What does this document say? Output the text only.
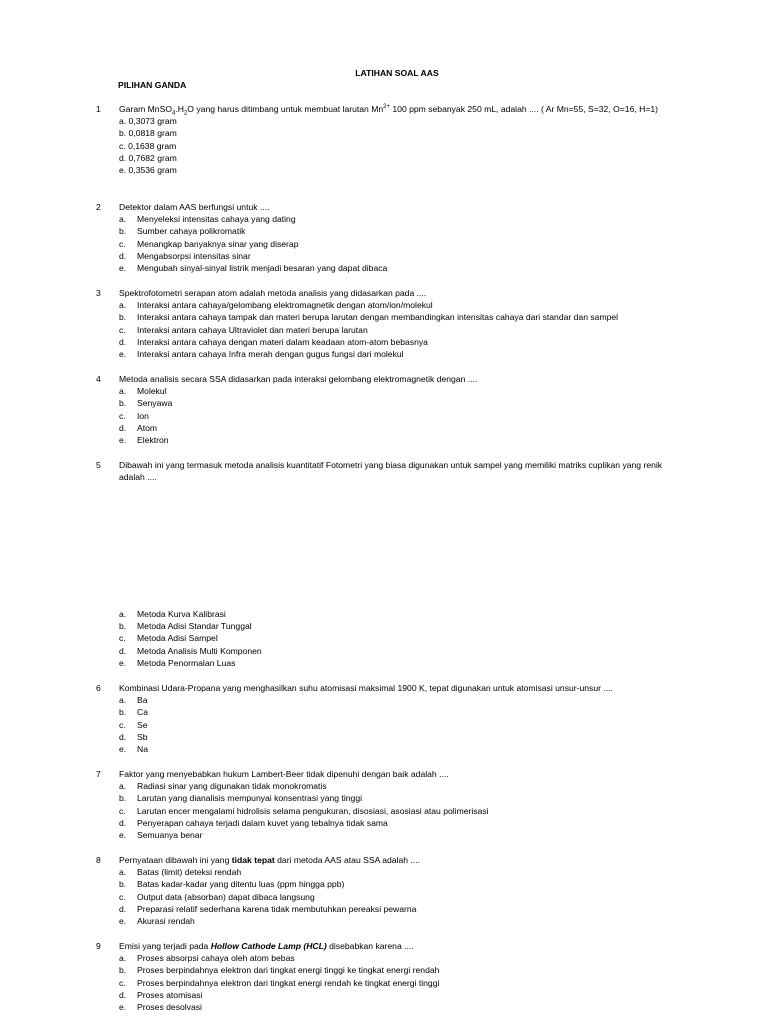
LATIHAN SOAL AAS
PILIHAN GANDA
1 Garam $MnSO_4.H_2O$ yang harus ditimbang untuk membuat larutan $Mn^{2+}$ 100 ppm sebanyak 250 mL, adalah .... ( Ar Mn=55, S=32, O=16, H=1)
a. 0,3073 gram
b. 0,0818 gram
c. 0,1638 gram
d. 0,7682 gram
e. 0,3536 gram
2 Detektor dalam AAS berfungsi untuk ....
a. Menyeleksi intensitas cahaya yang dating
b. Sumber cahaya polikromatik
c. Menangkap banyaknya sinar yang diserap
d. Mengabsorpsi intensitas sinar
e. Mengubah sinyal-sinyal listrik menjadi besaran yang dapat dibaca
3 Spektrofotometri serapan atom adalah metoda analisis yang didasarkan pada ....
a. Interaksi antara cahaya/gelombang elektromagnetik dengan atom/ion/molekul
b. Interaksi antara cahaya tampak dan materi berupa larutan dengan membandingkan intensitas cahaya dari standar dan sampel
c. Interaksi antara cahaya Ultraviolet dan materi berupa larutan
d. Interaksi antara cahaya dengan materi dalam keadaan atom-atom bebasnya
e. Interaksi antara cahaya Infra merah dengan gugus fungsi dari molekul
4 Metoda analisis secara SSA didasarkan pada interaksi gelombang elektromagnetik dengan ....
a. Molekul
b. Senyawa
c. Ion
d. Atom
e. Elektron
5 Dibawah ini yang termasuk metoda analisis kuantitatif Fotometri yang biasa digunakan untuk sampel yang memiliki matriks cuplikan yang renik adalah ....
a. Metoda Kurva Kalibrasi
b. Metoda Adisi Standar Tunggal
c. Metoda Adisi Sampel
d. Metoda Analisis Multi Komponen
e. Metoda Penormalan Luas
6 Kombinasi Udara-Propana yang menghasilkan suhu atomisasi maksimal 1900 K, tepat digunakan untuk atomisasi unsur-unsur ....
a. Ba
b. Ca
c. Se
d. Sb
e. Na
7 Faktor yang menyebabkan hukum Lambert-Beer tidak dipenuhi dengan baik adalah ....
a. Radiasi sinar yang digunakan tidak monokromatis
b. Larutan yang dianalisis mempunyai konsentrasi yang tinggi
c. Larutan encer mengalami hidrolisis selama pengukuran, disosiasi, asosiasi atau polimerisasi
d. Penyerapan cahaya terjadi dalam kuvet yang tebalnya tidak sama
e. Semuanya benar
8 Pernyataan dibawah ini yang tidak tepat dari metoda AAS atau SSA adalah ....
a. Batas (limit) deteksi rendah
b. Batas kadar-kadar yang ditentu luas (ppm hingga ppb)
c. Output data (absorban) dapat dibaca langsung
d. Preparasi relatif sederhana karena tidak membutuhkan pereaksi pewarna
e. Akurasi rendah
9 Emisi yang terjadi pada Hollow Cathode Lamp (HCL) disebabkan karena ....
a. Proses absorpsi cahaya oleh atom bebas
b. Proses berpindahnya elektron dari tingkat energi tinggi ke tingkat energi rendah
c. Proses berpindahnya elektron dari tingkat energi rendah ke tingkat energi tinggi
d. Proses atomisasi
e. Proses desolvasi
